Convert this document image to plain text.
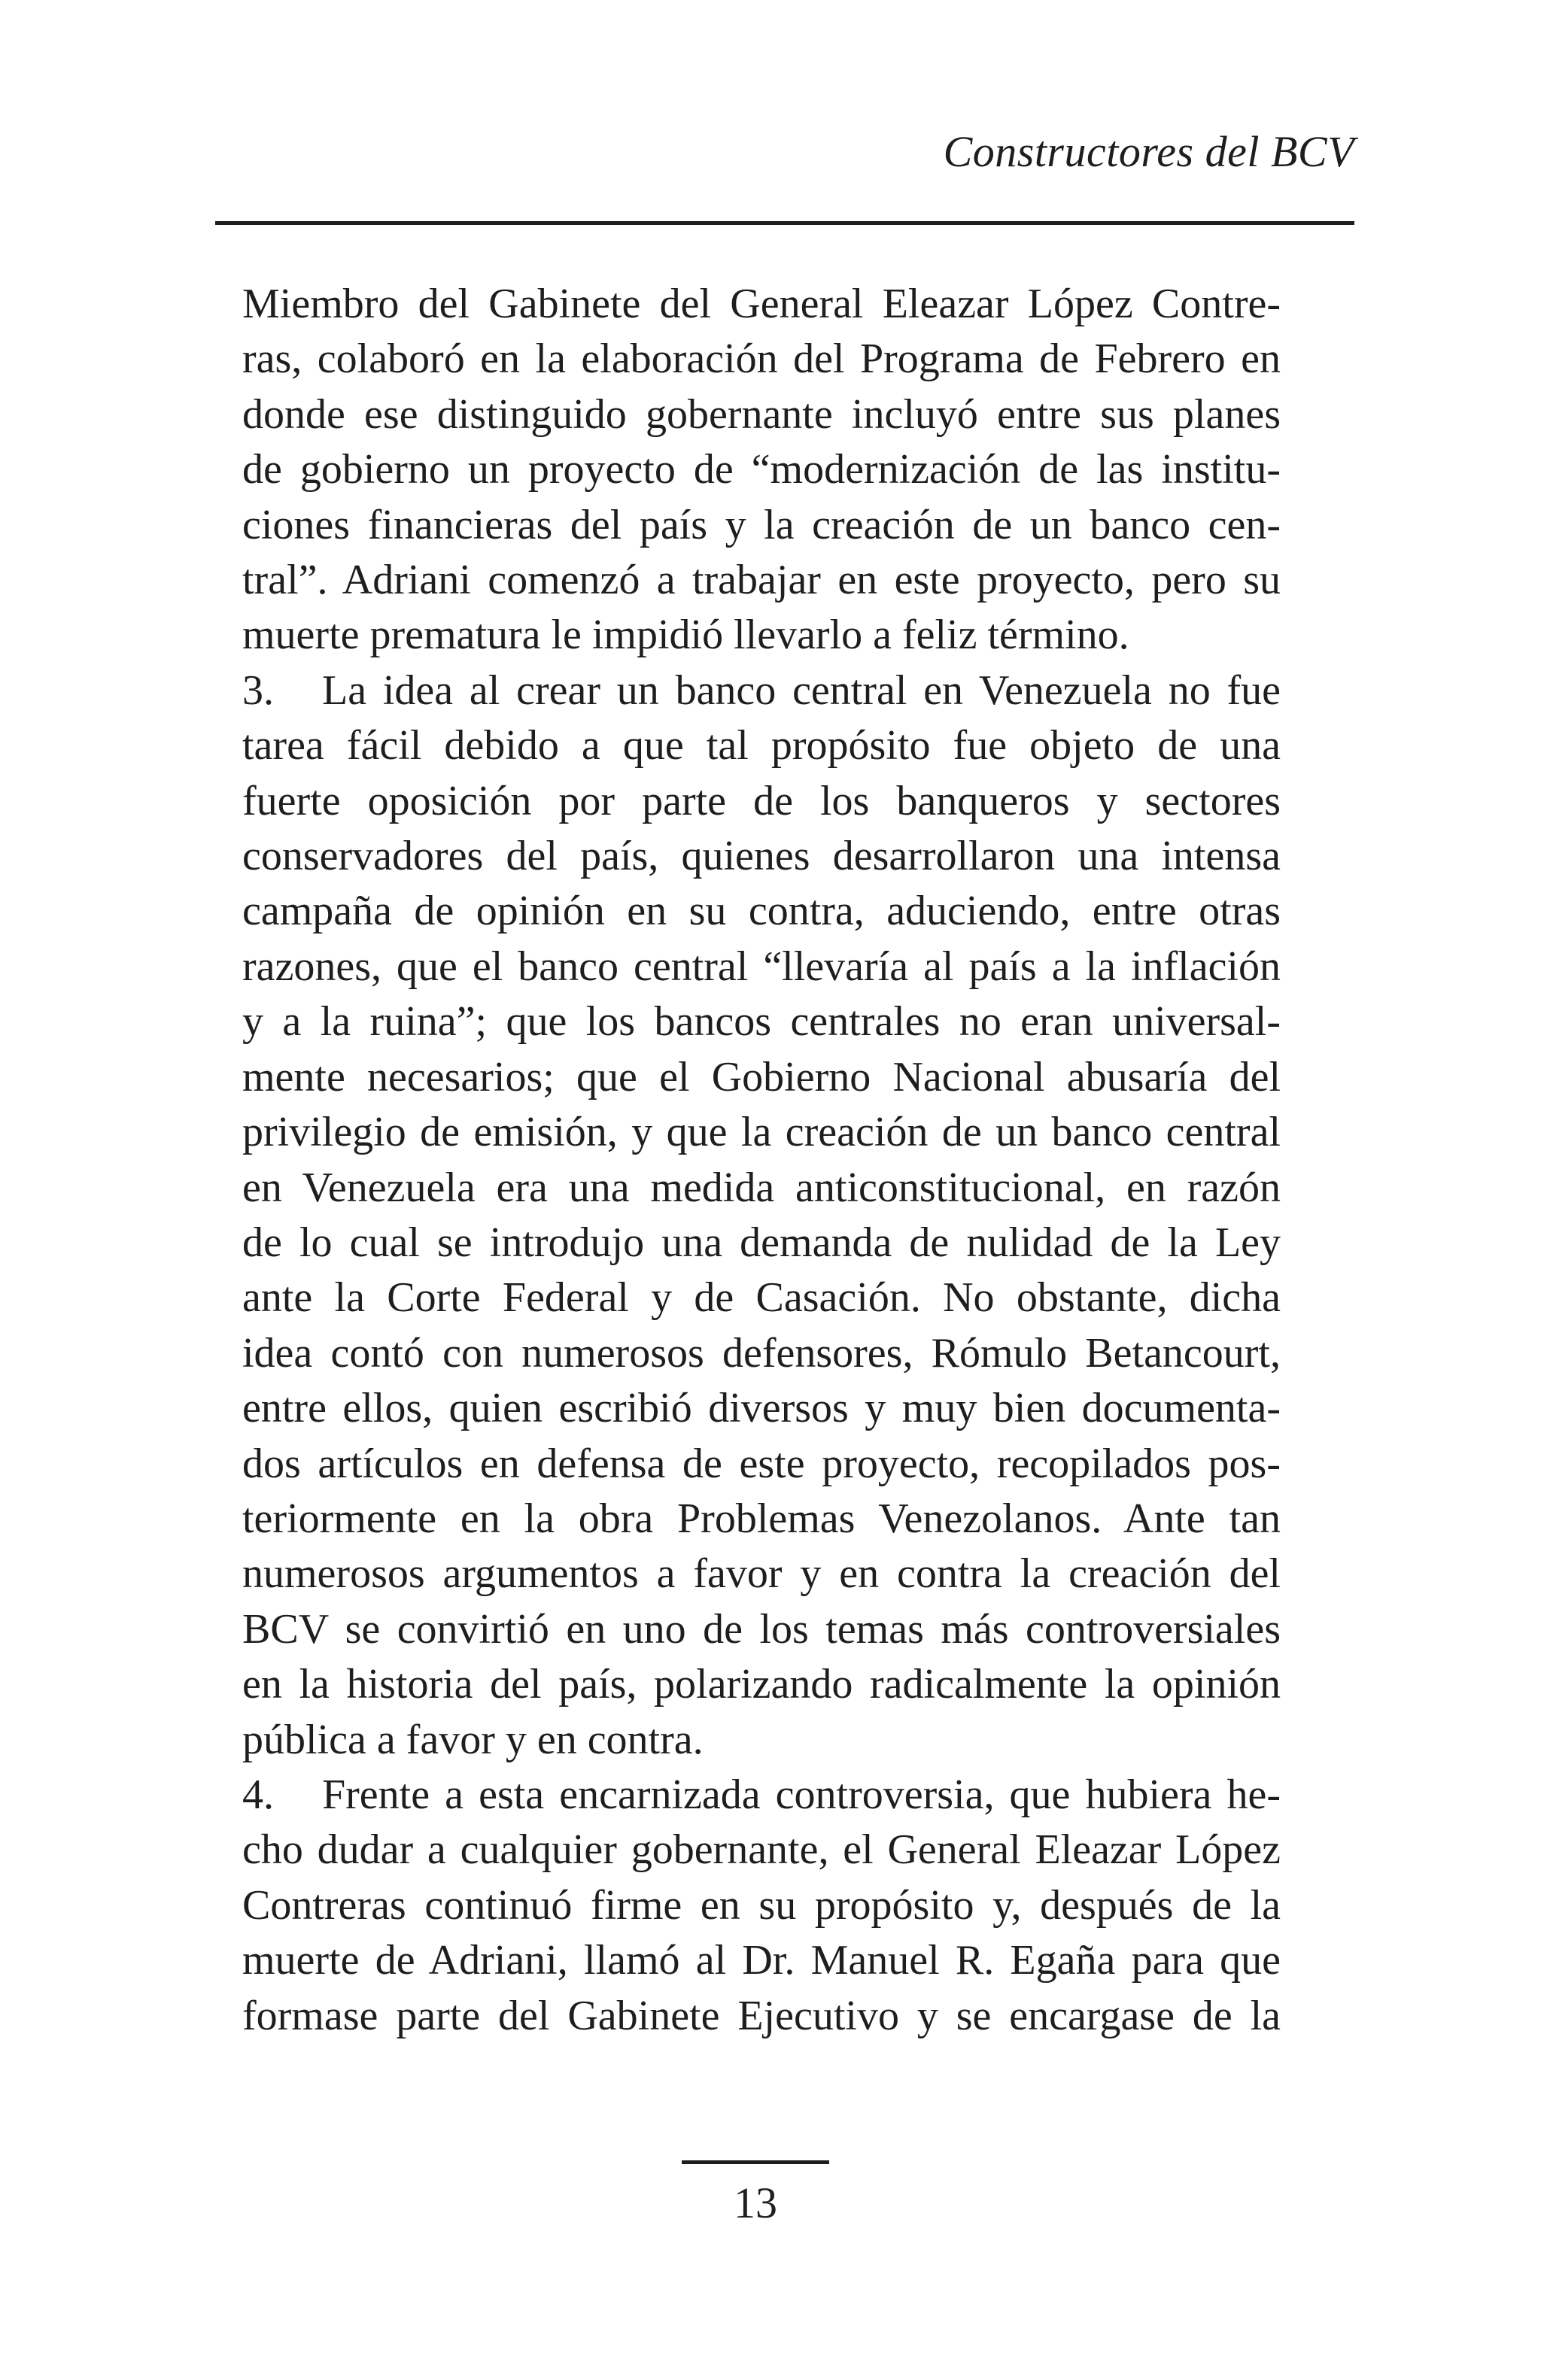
Constructores del BCV
Miembro del Gabinete del General Eleazar López Contre-
ras, colaboró en la elaboración del Programa de Febrero en
donde ese distinguido gobernante incluyó entre sus planes
de gobierno un proyecto de “modernización de las institu-
ciones financieras del país y la creación de un banco cen-
tral”. Adriani comenzó a trabajar en este proyecto, pero su
muerte prematura le impidió llevarlo a feliz término.
3. La idea al crear un banco central en Venezuela no fue
tarea fácil debido a que tal propósito fue objeto de una
fuerte oposición por parte de los banqueros y sectores
conservadores del país, quienes desarrollaron una intensa
campaña de opinión en su contra, aduciendo, entre otras
razones, que el banco central “llevaría al país a la inflación
y a la ruina”; que los bancos centrales no eran universal-
mente necesarios; que el Gobierno Nacional abusaría del
privilegio de emisión, y que la creación de un banco central
en Venezuela era una medida anticonstitucional, en razón
de lo cual se introdujo una demanda de nulidad de la Ley
ante la Corte Federal y de Casación. No obstante, dicha
idea contó con numerosos defensores, Rómulo Betancourt,
entre ellos, quien escribió diversos y muy bien documenta-
dos artículos en defensa de este proyecto, recopilados pos-
teriormente en la obra Problemas Venezolanos. Ante tan
numerosos argumentos a favor y en contra la creación del
BCV se convirtió en uno de los temas más controversiales
en la historia del país, polarizando radicalmente la opinión
pública a favor y en contra.
4. Frente a esta encarnizada controversia, que hubiera he-
cho dudar a cualquier gobernante, el General Eleazar López
Contreras continuó firme en su propósito y, después de la
muerte de Adriani, llamó al Dr. Manuel R. Egaña para que
formase parte del Gabinete Ejecutivo y se encargase de la
13
